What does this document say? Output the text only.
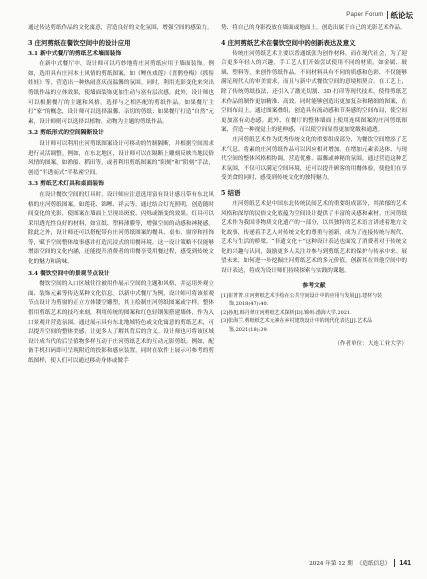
Paper Forum 纸论坛

通过传达剪纸作品的文化寓意，营造良好的文化氛围，增强空间的感染力。

3 庄河剪纸在餐饮空间中的设计应用
3.1 新中式餐厅的剪纸艺术墙面装饰

在新中式餐厅中，设计师可以巧妙地将庄河剪纸应用于墙面装饰。例如，选用具有庄河本土风情的剪纸图案，如《鲤鱼戏莲》《喜鹊登梅》《抓髻娃娃》等，营造出一种热闹喜庆而温馨的氛围。同时，利用光影变化来突出剪纸作品的立体效果，使墙面装饰更加生动与富有层次感。此外，设计师也可以根据餐厅的主题和风格，选择与之相匹配的剪纸作品。如果餐厅主打“家”的概念，设计师可以选择温馨、亲切的剪纸；如果餐厅打造“自然”元素，设计师则可以选择以植物、动物为主题的剪纸作品。

3.2 剪纸形式的空间隔断设计

设计师可以利用庄河剪纸图案设计可移动的竹制隔断，并根据空间需求进行灵活调整。例如，在东北地区，设计师可以在隔断上雕刻反映当地民俗风情的图案，如渔船、稻田等，或者利用剪纸图案的“阳刻”和“阴刻”手法，创造“半透而式”半私密空间。

3.3 剪纸艺术灯具和桌面装饰

在设计餐饮空间的灯具时，设计师应注意选用富有设计感且带有东北风格的庄河剪纸图案。如莲花、锦鲤、祥云等，通过结合灯光照明，创造随时间变化的光影，使图案在墙面上呈现出斑驳、闪烁或渐变的效果。灯具可以采用透光性良好的材料，如宣纸、塑料薄膜等，增强空间的动感和神秘感。除此之外，设计师还可以搭配带有庄河剪纸图案的餐具、桌布、窗帘和挂饰等，赋予空间整体故事感并打造沉浸式的用餐环境。这一设计策略不仅能够增添空间的文化内涵，还能提升消费者的用餐享受用餐过程，感受到传统文化的魅力和韵味。

3.4 餐饮空间中的景观节点设计

餐饮空间的入口区域往往被用作展示空间的主题和风格，并运用外观立面、装饰元素等传达某种文化信息。以新中式餐厅为例，设计师可将该景观节点设计为剪窗的正立方体镂空雕塑，其上绘制庄河剪纸图案或字样，整体借用剪纸艺术的技巧来刻，利用传统的图案和红色轻钢架搭建墙体，作为入口景观并营造氛围。通过展示具有东北地域特色或文化寓意的剪纸艺术，可以提升空间的整体美感，让更多人了解其背后的含义。设计师也可将该区域设计成当代的后呈值物多样互动于庄河剪纸艺术的互动元影剪纸。例如，配备手机扫码即可呈现附近的投影和感应装置，同时在软件上展示可参考的剪纸图样，使人们可以通过移动身体或做手

势、将自己的身影投放在墙面或地面上，创造出属于自己的光影艺术作品。

4 庄河剪纸艺术在餐饮空间中的创新表达及意义

传统庄河剪纸艺术主要以普通纸张为创作材料，而在现代社会，为了迎合更多年轻人的兴趣，手工艺人们开始尝试使用不同的材质，如金属、玻璃、塑料等，来创作剪纸作品。不同材料具有不同的质感和色彩，不仅能够满足现代人的审美需求，而且与新中式餐饮空间的意境相契合。在工艺上，除了传统剪纸技法，还引入了激光切割、3D 打印等现代技术，使得剪纸艺术作品的制作更加精准、高效。同时能够创造出更加复杂和精细的图案，在空间布局上，通过图案叠组，创造具有流动感和节奏感的空间布局，使空间更加富有动态感。此外，在餐厅的整体墙面上使用连续图案的庄河剪纸图案，营造一种视觉上的延伸感，可以使空间显得更加宽敞和通透。

庄河剪纸艺术作为优秀传统文化的重要组成部分，为餐饮空间增添了艺术气息。将素的庄河剪纸作品可以因应相对增加。在增加元素表达体、与现代空间的整体风格相协调，营造优雅、温馨或神秘的氛围。通过营造这种艺术氛围，不仅可以满足空间环境，还可以提升顾客的用餐体验，使他们在享受美食的同时，感受到传统文化的独特魅力。

5 结语

庄河剪纸艺术是中国东北传统民间艺术的重要组成部分，其浓郁的艺术风格和深厚的民俗文化底蕴为空间设计提供了丰富的灵感和素材。庄河剪纸艺术作为我国非物质文化遗产的一部分，以其独特的艺术语言讲述着地方文化故事，传递着手艺人对传统文化的尊重与创新，成为了连接传统与现代、艺术与生活的桥梁。“非遗文化＋”这种设计表达也面发了消费者对于传统文化的兴趣与认同，鼓励更多人关注并参与到剪纸艺术的保护与传承中来。展望未来，如何进一步挖掘庄河剪纸艺术的多元价值，创新其在其他空间中的设计表达，将成为设计师们持续探索与实践的课题。

参考文献
[1]崔菁菁.庄河剪纸艺术手绘在公共空间设计中的应用与发展[J].建材与装饰,2018(47):40.
[2]孙旭,韩丹翠庄河剪纸艺术探析[D].锦州:渤海大学,2021.
[3]张海兰.剪纸纸艺术元素在乡村建筑设计中的现代化表达[J].艺术品鉴,2021(18):39.
（作者单位：大连工业大学）
2024 年第 12 期 《造纸信息》 141
